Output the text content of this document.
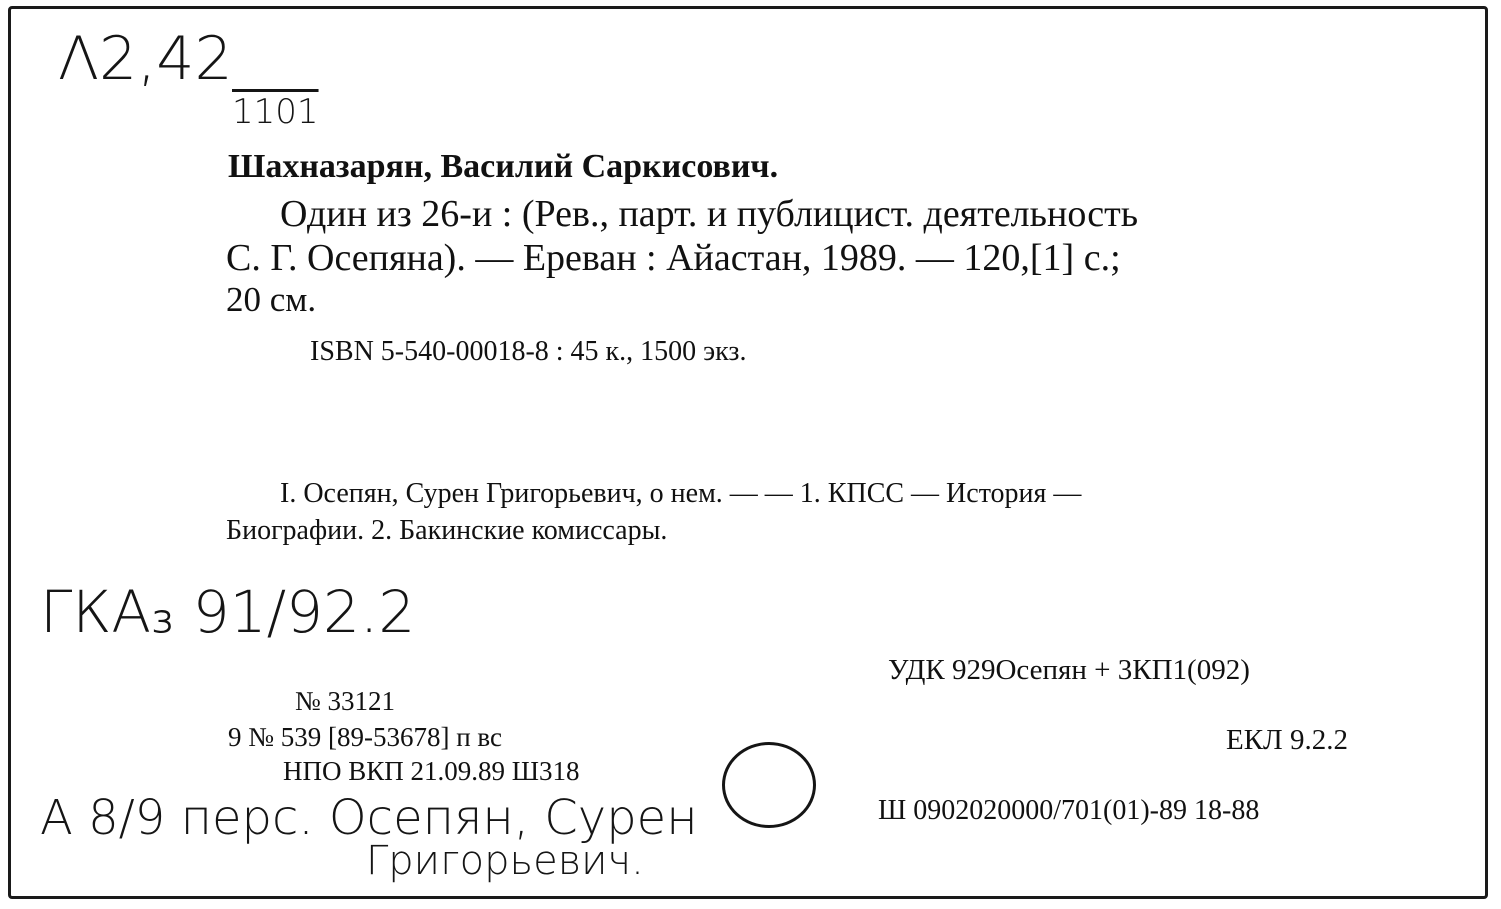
Λ2,42
1101
Шахназарян, Василий Саркисович.
Один из 26-и : (Рев., парт. и публицист. деятельность
С. Г. Осепяна). — Ереван : Айастан, 1989. — 120,[1] с.;
20 см.
ISBN 5-540-00018-8 : 45 к., 1500 экз.
I. Осепян, Сурен Григорьевич, о нем. — — 1. КПСС — История —
Биографии. 2. Бакинские комиссары.
ГКА₃ 91/92.2
УДК 929Осепян + 3КП1(092)
№ 33121
9 № 539 [89-53678] п вс	ЕКЛ 9.2.2
НПО ВКП 21.09.89 Ш318
Ш 0902020000/701(01)-89 18-88
А 8/9 перс. Осепян, Сурен
Григорьевич.
